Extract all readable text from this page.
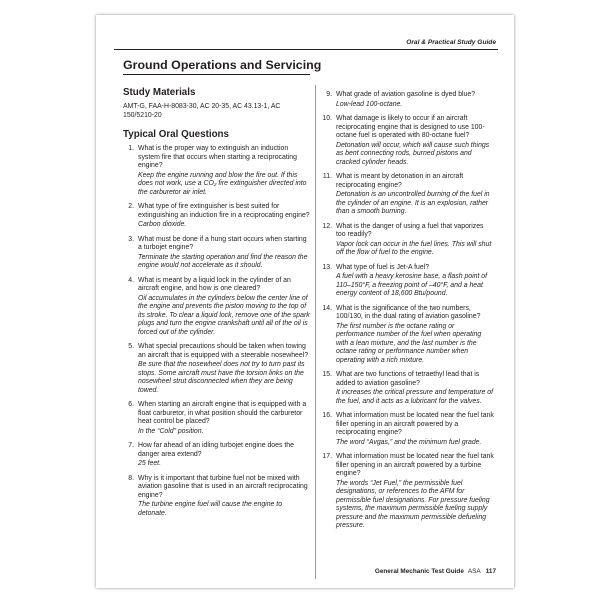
Oral & Practical Study Guide
Ground Operations and Servicing
Study Materials

AMT-G, FAA-H-8083-30, AC 20-35, AC 43.13-1, AC 150/5210-20

Typical Oral Questions
1. What is the proper way to extinguish an induction system fire that occurs when starting a reciprocating engine?
Keep the engine running and blow the fire out. If this does not work, use a CO₂ fire extinguisher directed into the carburetor air inlet.
2. What type of fire extinguisher is best suited for extinguishing an induction fire in a reciprocating engine?
Carbon dioxide.
3. What must be done if a hung start occurs when starting a turbojet engine?
Terminate the starting operation and find the reason the engine would not accelerate as it should.
4. What is meant by a liquid lock in the cylinder of an aircraft engine, and how is one cleared?
Oil accumulates in the cylinders below the center line of the engine and prevents the piston moving to the top of its stroke. To clear a liquid lock, remove one of the spark plugs and turn the engine crankshaft until all of the oil is forced out of the cylinder.
5. What special precautions should be taken when towing an aircraft that is equipped with a steerable nosewheel?
Be sure that the nosewheel does not try to turn past its stops. Some aircraft must have the torsion links on the nosewheel strut disconnected when they are being towed.
6. When starting an aircraft engine that is equipped with a float carburetor, in what position should the carburetor heat control be placed?
In the “Cold” position.
7. How far ahead of an idling turbojet engine does the danger area extend?
25 feet.
8. Why is it important that turbine fuel not be mixed with aviation gasoline that is used in an aircraft reciprocating engine?
The turbine engine fuel will cause the engine to detonate.
9. What grade of aviation gasoline is dyed blue?
Low-lead 100-octane.
10. What damage is likely to occur if an aircraft reciprocating engine that is designed to use 100-octane fuel is operated with 80-octane fuel?
Detonation will occur, which will cause such things as bent connecting rods, burned pistons and cracked cylinder heads.
11. What is meant by detonation in an aircraft reciprocating engine?
Detonation is an uncontrolled burning of the fuel in the cylinder of an engine. It is an explosion, rather than a smooth burning.
12. What is the danger of using a fuel that vaporizes too readily?
Vapor lock can occur in the fuel lines. This will shut off the flow of fuel to the engine.
13. What type of fuel is Jet-A fuel?
A fuel with a heavy kerosine base, a flash point of 110–150°F, a freezing point of –40°F, and a heat energy content of 18,600 Btu/pound.
14. What is the significance of the two numbers, 100/130, in the dual rating of aviation gasoline?
The first number is the octane rating or performance number of the fuel when operating with a lean mixture, and the last number is the octane rating or performance number when operating with a rich mixture.
15. What are two functions of tetraethyl lead that is added to aviation gasoline?
It increases the critical pressure and temperature of the fuel, and it acts as a lubricant for the valves.
16. What information must be located near the fuel tank filler opening in an aircraft powered by a reciprocating engine?
The word “Avgas,” and the minimum fuel grade.
17. What information must be located near the fuel tank filler opening in an aircraft powered by a turbine engine?
The words “Jet Fuel,” the permissible fuel designations, or references to the AFM for permissible fuel designations. For pressure fueling systems, the maximum permissible fueling supply pressure and the maximum permissible defueling pressure.
General Mechanic Test Guide ASA 117
